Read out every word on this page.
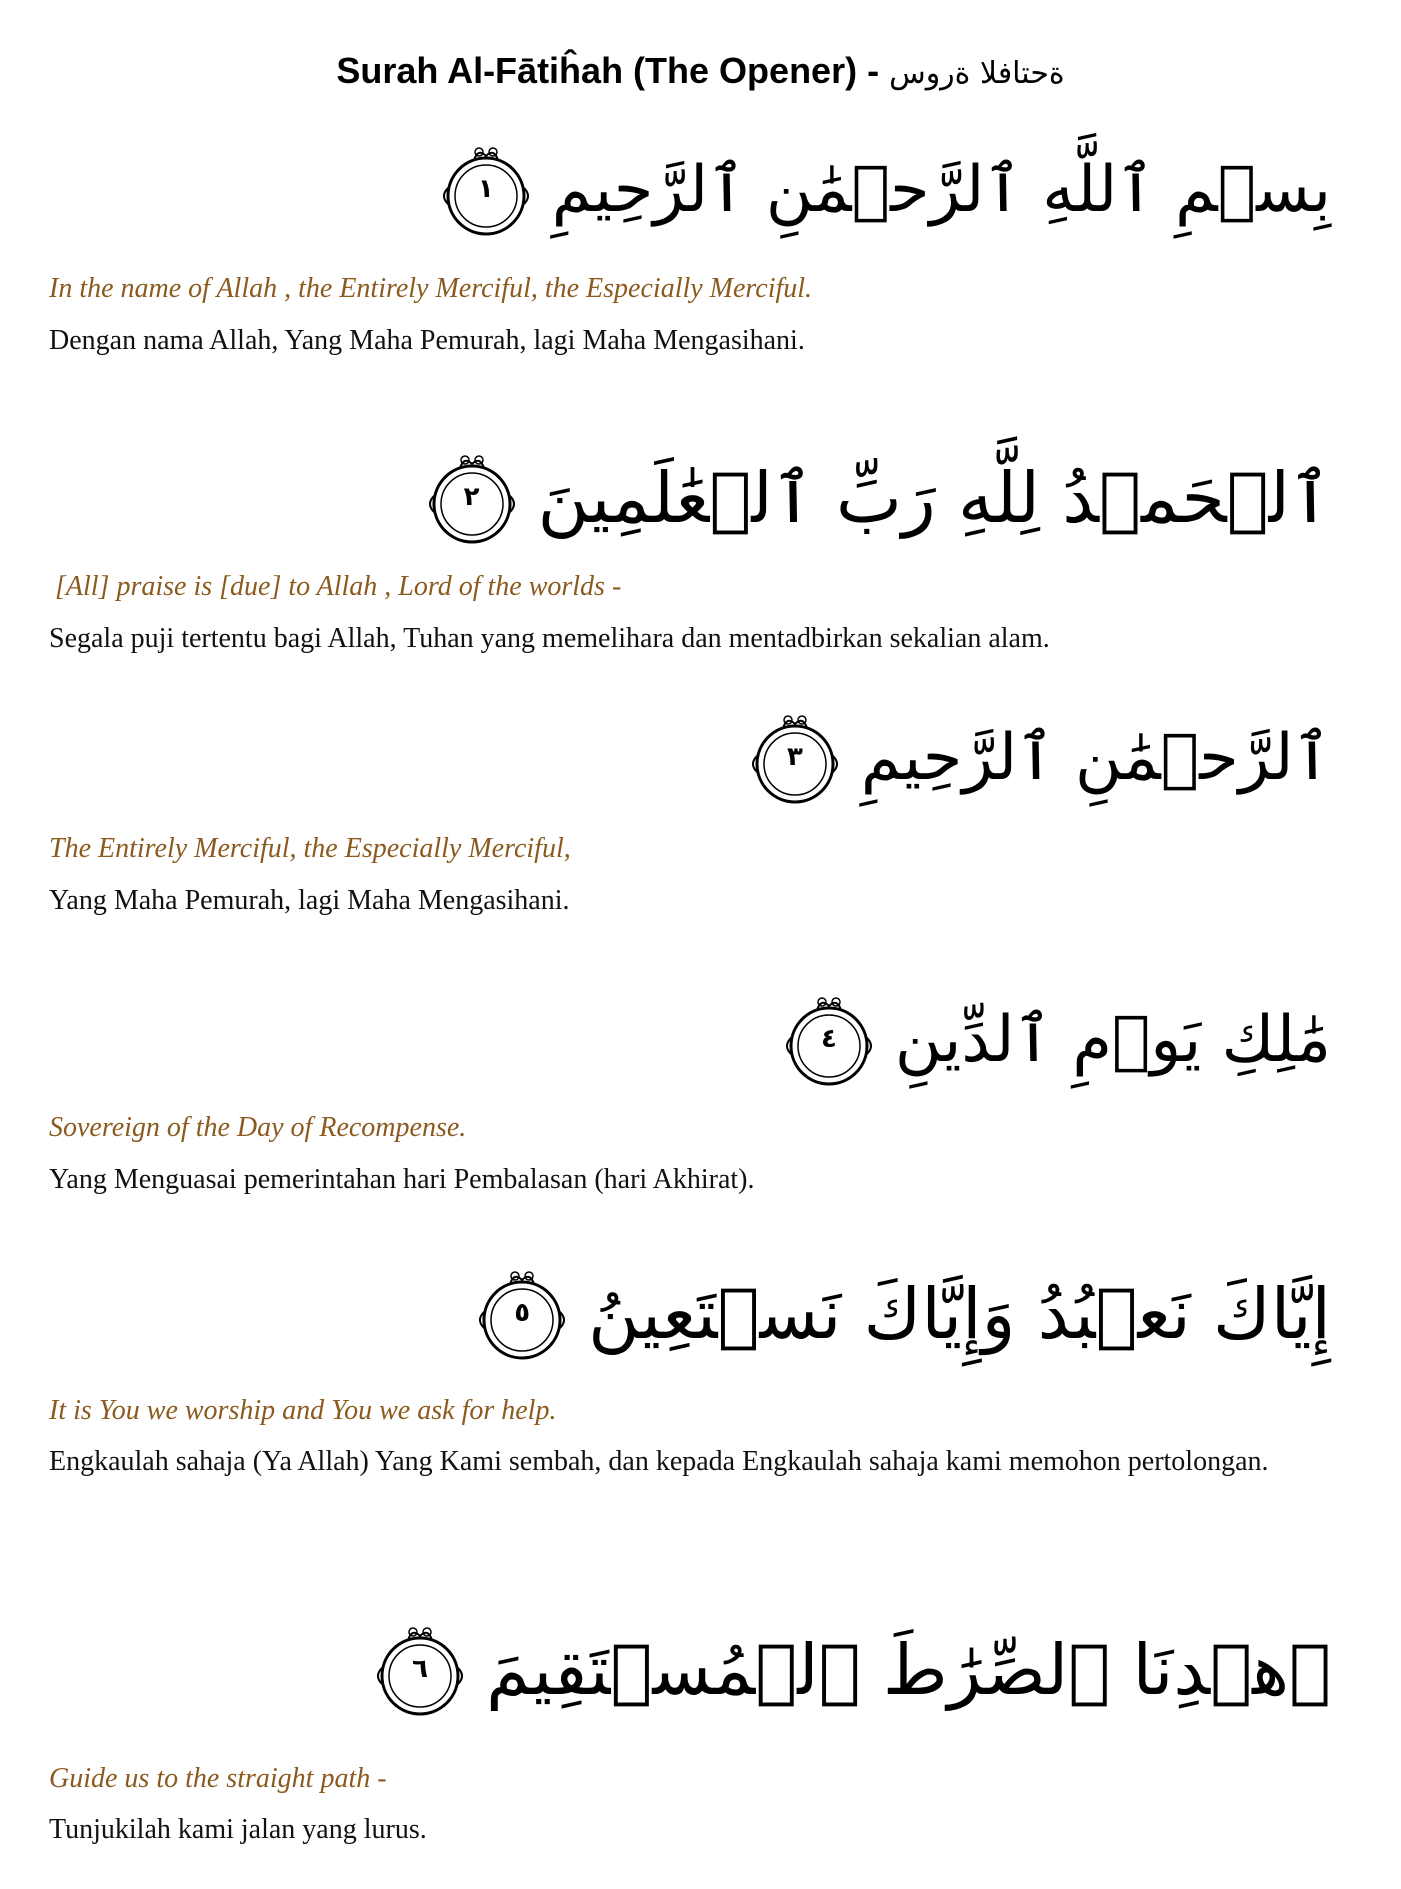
Surah Al-Fātiĥah (The Opener) - ةحتافلا ةروس
١ بِسۡمِ ٱللَّهِ ٱلرَّحۡمَٰنِ ٱلرَّحِيمِ
In the name of Allah , the Entirely Merciful, the Especially Merciful.
Dengan nama Allah, Yang Maha Pemurah, lagi Maha Mengasihani.
٢ ٱلۡحَمۡدُ لِلَّهِ رَبِّ ٱلۡعَٰلَمِينَ
[All] praise is [due] to Allah , Lord of the worlds -
Segala puji tertentu bagi Allah, Tuhan yang memelihara dan mentadbirkan sekalian alam.
٣ ٱلرَّحۡمَٰنِ ٱلرَّحِيمِ
The Entirely Merciful, the Especially Merciful,
Yang Maha Pemurah, lagi Maha Mengasihani.
٤ مَٰلِكِ يَوۡمِ ٱلدِّينِ
Sovereign of the Day of Recompense.
Yang Menguasai pemerintahan hari Pembalasan (hari Akhirat).
٥ إِيَّاكَ نَعۡبُدُ وَإِيَّاكَ نَسۡتَعِينُ
It is You we worship and You we ask for help.
Engkaulah sahaja (Ya Allah) Yang Kami sembah, dan kepada Engkaulah sahaja kami memohon pertolongan.
٦ ٱهۡدِنَا ٱلصِّرَٰطَ ٱلۡمُسۡتَقِيمَ
Guide us to the straight path -
Tunjukilah kami jalan yang lurus.
